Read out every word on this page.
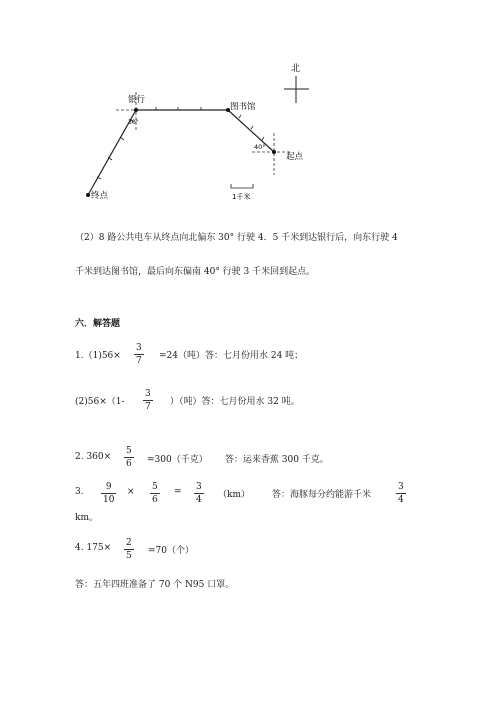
北
银行
图书馆
起点
终点
30°
40°
1千米
（2）8 路公共电车从终点向北偏东 30° 行驶 4．5 千米到达银行后，向东行驶 4
千米到达图书馆，最后向东偏南 40° 行驶 3 千米回到起点。
六．解答题
1.（1)56×
3
7 =24（吨）答：七月份用水 24 吨；
(2)56×（1-
3
7 ）（吨）答：七月份用水 32 吨。
2. 360×
5
6 =300（千克）      答：运来香蕉 300 千克。
3. 9
10
× 5
6
= 3
4 （km） 答：海豚每分约能游千米
3
4
km。
4. 175× 2
5 =70（个）
答：五年四班准备了 70 个 N95 口罩。
